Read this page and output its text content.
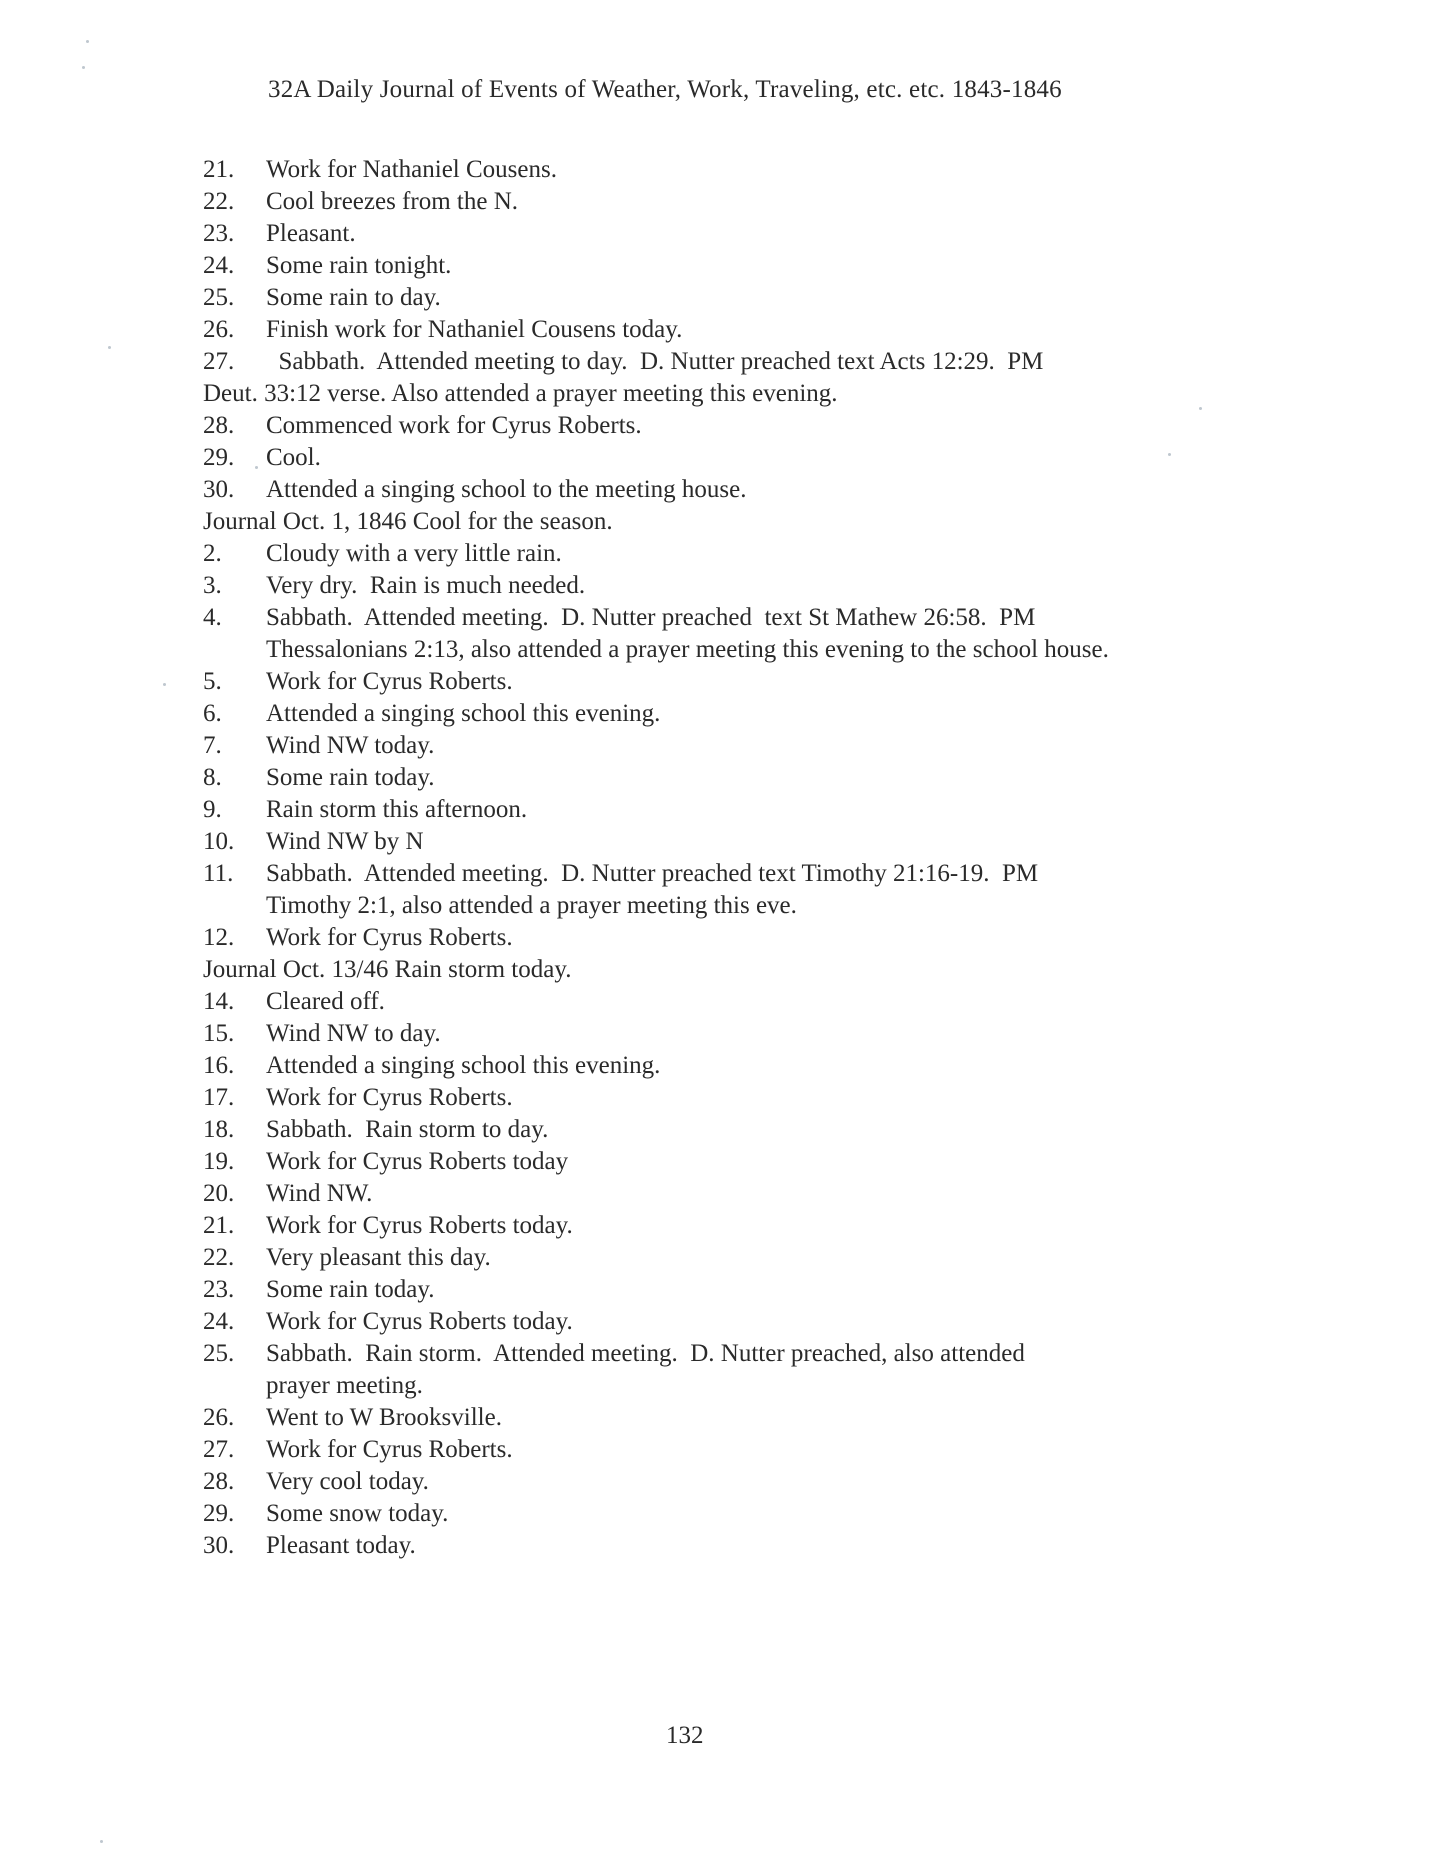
32A Daily Journal of Events of Weather, Work, Traveling, etc. etc. 1843-1846
21. Work for Nathaniel Cousens.
22. Cool breezes from the N.
23. Pleasant.
24. Some rain tonight.
25. Some rain to day.
26. Finish work for Nathaniel Cousens today.
27. Sabbath.  Attended meeting to day.  D. Nutter preached text Acts 12:29.  PM
Deut. 33:12 verse. Also attended a prayer meeting this evening.
28. Commenced work for Cyrus Roberts.
29. Cool.
30. Attended a singing school to the meeting house.
Journal Oct. 1, 1846 Cool for the season.
2. Cloudy with a very little rain.
3. Very dry.  Rain is much needed.
4. Sabbath.  Attended meeting.  D. Nutter preached  text St Mathew 26:58.  PM
Thessalonians 2:13, also attended a prayer meeting this evening to the school house.
5. Work for Cyrus Roberts.
6. Attended a singing school this evening.
7. Wind NW today.
8. Some rain today.
9. Rain storm this afternoon.
10. Wind NW by N
11. Sabbath.  Attended meeting.  D. Nutter preached text Timothy 21:16-19.  PM
Timothy 2:1, also attended a prayer meeting this eve.
12. Work for Cyrus Roberts.
Journal Oct. 13/46 Rain storm today.
14. Cleared off.
15. Wind NW to day.
16. Attended a singing school this evening.
17. Work for Cyrus Roberts.
18. Sabbath.  Rain storm to day.
19. Work for Cyrus Roberts today
20. Wind NW.
21. Work for Cyrus Roberts today.
22. Very pleasant this day.
23. Some rain today.
24. Work for Cyrus Roberts today.
25. Sabbath.  Rain storm.  Attended meeting.  D. Nutter preached, also attended
prayer meeting.
26. Went to W Brooksville.
27. Work for Cyrus Roberts.
28. Very cool today.
29. Some snow today.
30. Pleasant today.
132
